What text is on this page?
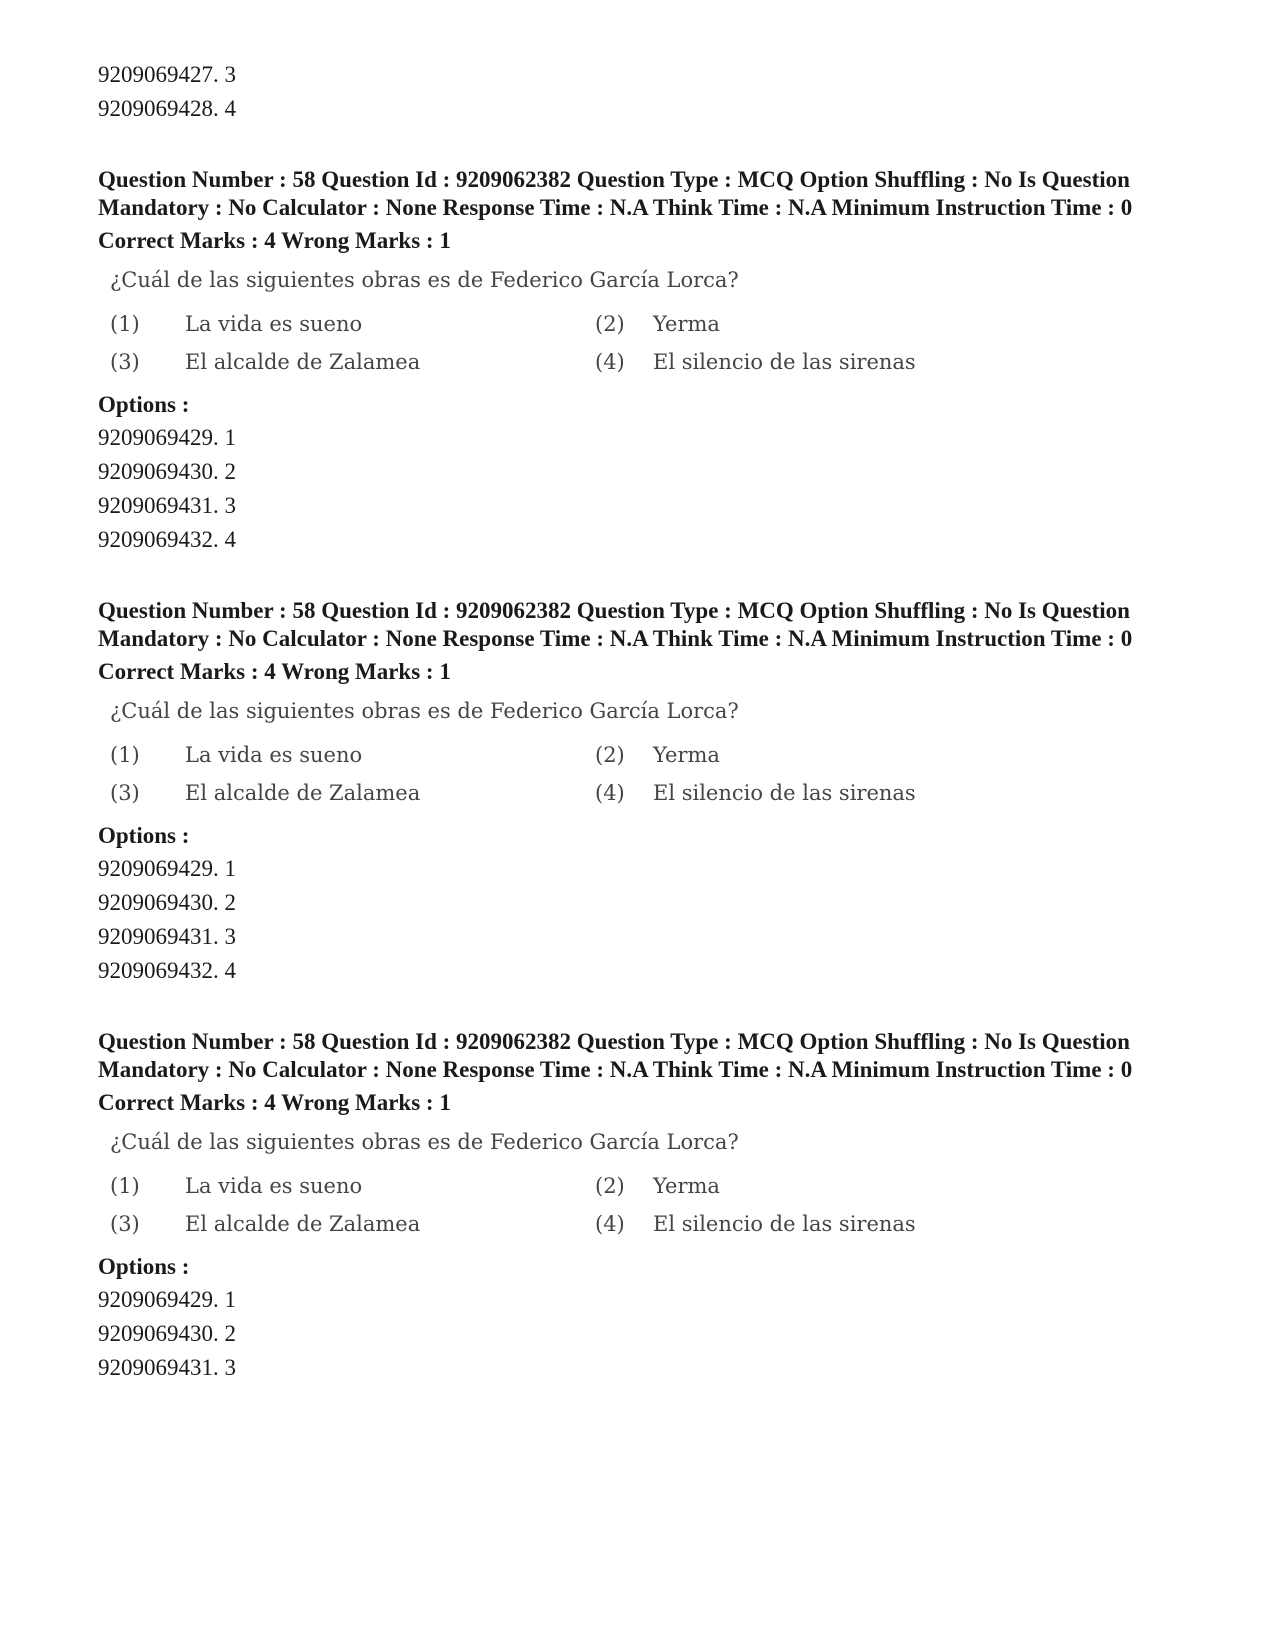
9209069427. 3
9209069428. 4
Question Number : 58 Question Id : 9209062382 Question Type : MCQ Option Shuffling : No Is Question Mandatory : No Calculator : None Response Time : N.A Think Time : N.A Minimum Instruction Time : 0
Correct Marks : 4 Wrong Marks : 1
¿Cuál de las siguientes obras es de Federico García Lorca?
(1)	La vida es sueno	(2)	Yerma
(3)	El alcalde de Zalamea	(4)	El silencio de las sirenas
Options :
9209069429. 1
9209069430. 2
9209069431. 3
9209069432. 4
Question Number : 58 Question Id : 9209062382 Question Type : MCQ Option Shuffling : No Is Question Mandatory : No Calculator : None Response Time : N.A Think Time : N.A Minimum Instruction Time : 0
Correct Marks : 4 Wrong Marks : 1
¿Cuál de las siguientes obras es de Federico García Lorca?
(1)	La vida es sueno	(2)	Yerma
(3)	El alcalde de Zalamea	(4)	El silencio de las sirenas
Options :
9209069429. 1
9209069430. 2
9209069431. 3
9209069432. 4
Question Number : 58 Question Id : 9209062382 Question Type : MCQ Option Shuffling : No Is Question Mandatory : No Calculator : None Response Time : N.A Think Time : N.A Minimum Instruction Time : 0
Correct Marks : 4 Wrong Marks : 1
¿Cuál de las siguientes obras es de Federico García Lorca?
(1)	La vida es sueno	(2)	Yerma
(3)	El alcalde de Zalamea	(4)	El silencio de las sirenas
Options :
9209069429. 1
9209069430. 2
9209069431. 3
